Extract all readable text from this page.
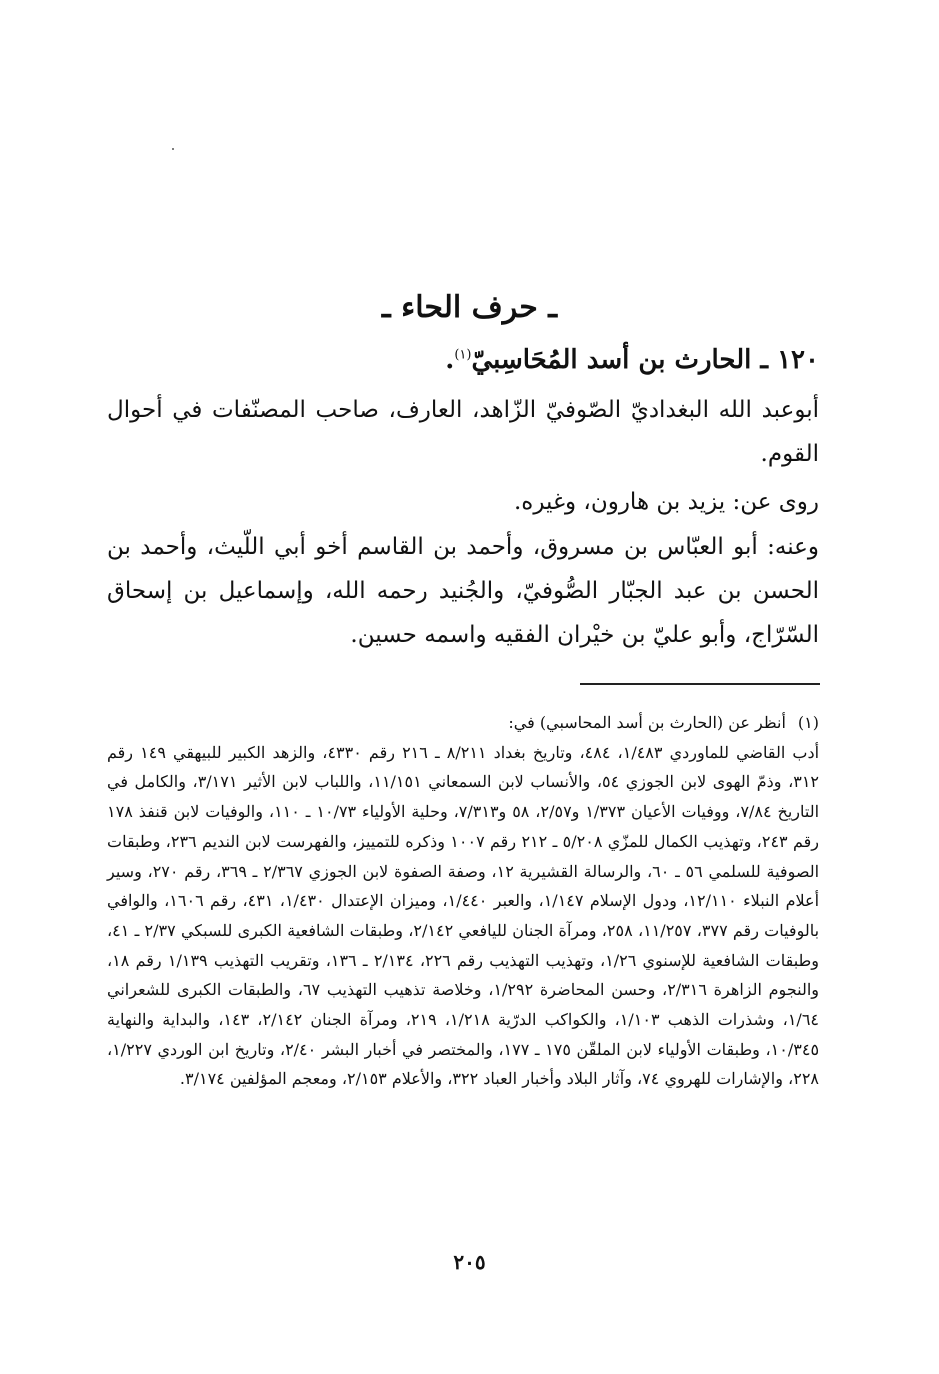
ـ حرف الحاء ـ
١٢٠ ـ الحارث بن أسد المُحَاسِبيّ$^{(١)}$.

أبوعبد الله البغداديّ الصّوفيّ الزّاهد، العارف، صاحب المصنّفات في أحوال القوم.

روى عن: يزيد بن هارون، وغيره.

وعنه: أبو العبّاس بن مسروق، وأحمد بن القاسم أخو أبي اللّيث، وأحمد بن الحسن بن عبد الجبّار الصُّوفيّ، والجُنيد رحمه الله، وإسماعيل بن إسحاق السّرّاج، وأبو عليّ بن خيْران الفقيه واسمه حسين.

(١)
أنظر عن (الحارث بن أسد المحاسبي) في:
أدب القاضي للماوردي ١/٤٨٣، ٤٨٤، وتاريخ بغداد ٨/٢١١ ـ ٢١٦ رقم ٤٣٣٠، والزهد الكبير للبيهقي ١٤٩ رقم ٣١٢، وذمّ الهوى لابن الجوزي ٥٤، والأنساب لابن السمعاني ١١/١٥١، واللباب لابن الأثير ٣/١٧١، والكامل في التاريخ ٧/٨٤، ووفيات الأعيان ١/٣٧٣ و٢/٥٧، ٥٨ و٧/٣١٣، وحلية الأولياء ١٠/٧٣ ـ ١١٠، والوفيات لابن قنفذ ١٧٨ رقم ٢٤٣، وتهذيب الكمال للمزّي ٥/٢٠٨ ـ ٢١٢ رقم ١٠٠٧ وذكره للتمييز، والفهرست لابن النديم ٢٣٦، وطبقات الصوفية للسلمي ٥٦ ـ ٦٠، والرسالة القشيرية ١٢، وصفة الصفوة لابن الجوزي ٢/٣٦٧ ـ ٣٦٩، رقم ٢٧٠، وسير أعلام النبلاء ١٢/١١٠، ودول الإسلام ١/١٤٧، والعبر ١/٤٤٠، وميزان الإعتدال ١/٤٣٠، ٤٣١، رقم ١٦٠٦، والوافي بالوفيات رقم ٣٧٧، ١١/٢٥٧، ٢٥٨، ومرآة الجنان لليافعي ٢/١٤٢، وطبقات الشافعية الكبرى للسبكي ٢/٣٧ ـ ٤١، وطبقات الشافعية للإسنوي ١/٢٦، وتهذيب التهذيب رقم ٢٢٦، ٢/١٣٤ ـ ١٣٦، وتقريب التهذيب ١/١٣٩ رقم ١٨، والنجوم الزاهرة ٢/٣١٦، وحسن المحاضرة ١/٢٩٢، وخلاصة تذهيب التهذيب ٦٧، والطبقات الكبرى للشعراني ١/٦٤، وشذرات الذهب ١/١٠٣، والكواكب الدرّية ١/٢١٨، ٢١٩، ومرآة الجنان ٢/١٤٢، ١٤٣، والبداية والنهاية ١٠/٣٤٥، وطبقات الأولياء لابن الملقّن ١٧٥ ـ ١٧٧، والمختصر في أخبار البشر ٢/٤٠، وتاريخ ابن الوردي ١/٢٢٧، ٢٢٨، والإشارات للهروي ٧٤، وآثار البلاد وأخبار العباد ٣٢٢، والأعلام ٢/١٥٣، ومعجم المؤلفين ٣/١٧٤.
٢٠٥
